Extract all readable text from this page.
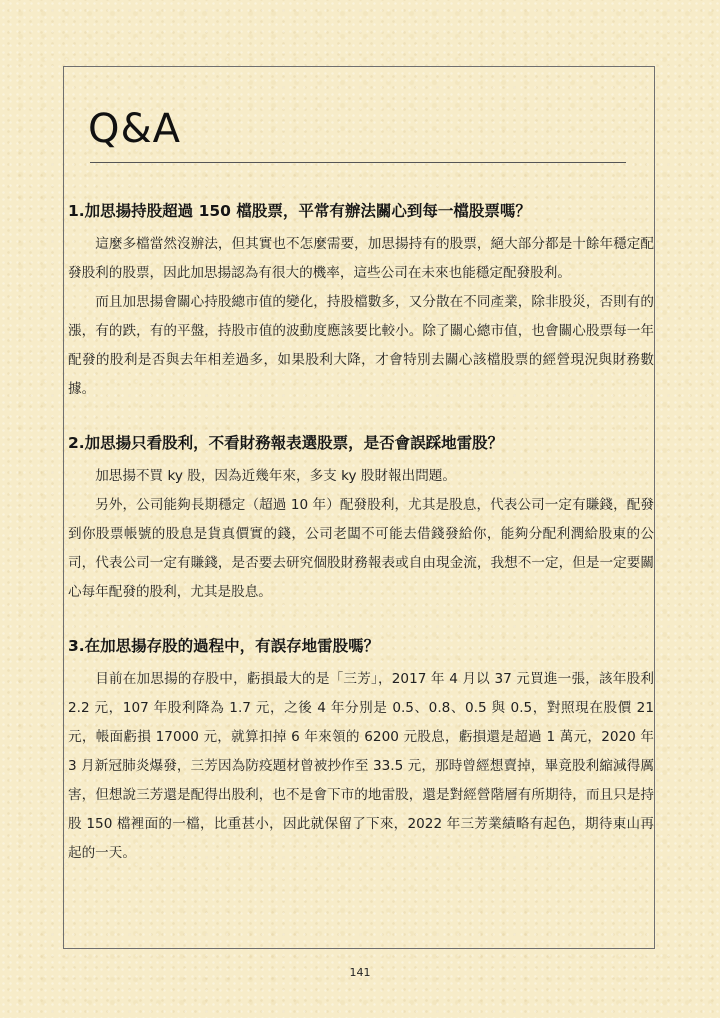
Q&A
1.加思揚持股超過 150 檔股票，平常有辦法關心到每一檔股票嗎？

這麼多檔當然沒辦法，但其實也不怎麼需要，加思揚持有的股票，絕大部分都是十餘年穩定配發股利的股票，因此加思揚認為有很大的機率，這些公司在未來也能穩定配發股利。

而且加思揚會關心持股總市值的變化，持股檔數多，又分散在不同產業，除非股災，否則有的漲，有的跌，有的平盤，持股市值的波動度應該要比較小。除了關心總市值，也會關心股票每一年配發的股利是否與去年相差過多，如果股利大降，才會特別去關心該檔股票的經營現況與財務數據。

2.加思揚只看股利，不看財務報表選股票，是否會誤踩地雷股？

加思揚不買 ky 股，因為近幾年來，多支 ky 股財報出問題。

另外，公司能夠長期穩定（超過 10 年）配發股利，尤其是股息，代表公司一定有賺錢，配發到你股票帳號的股息是貨真價實的錢，公司老闆不可能去借錢發給你，能夠分配利潤給股東的公司，代表公司一定有賺錢，是否要去研究個股財務報表或自由現金流，我想不一定，但是一定要關心每年配發的股利，尤其是股息。

3.在加思揚存股的過程中，有誤存地雷股嗎？

目前在加思揚的存股中，虧損最大的是「三芳」，2017 年 4 月以 37 元買進一張，該年股利 2.2 元，107 年股利降為 1.7 元，之後 4 年分別是 0.5、0.8、0.5 與 0.5，對照現在股價 21 元，帳面虧損 17000 元，就算扣掉 6 年來領的 6200 元股息，虧損還是超過 1 萬元，2020 年 3 月新冠肺炎爆發，三芳因為防疫題材曾被抄作至 33.5 元，那時曾經想賣掉，畢竟股利縮減得厲害，但想說三芳還是配得出股利，也不是會下市的地雷股，還是對經營階層有所期待，而且只是持股 150 檔裡面的一檔，比重甚小，因此就保留了下來，2022 年三芳業績略有起色，期待東山再起的一天。

141
